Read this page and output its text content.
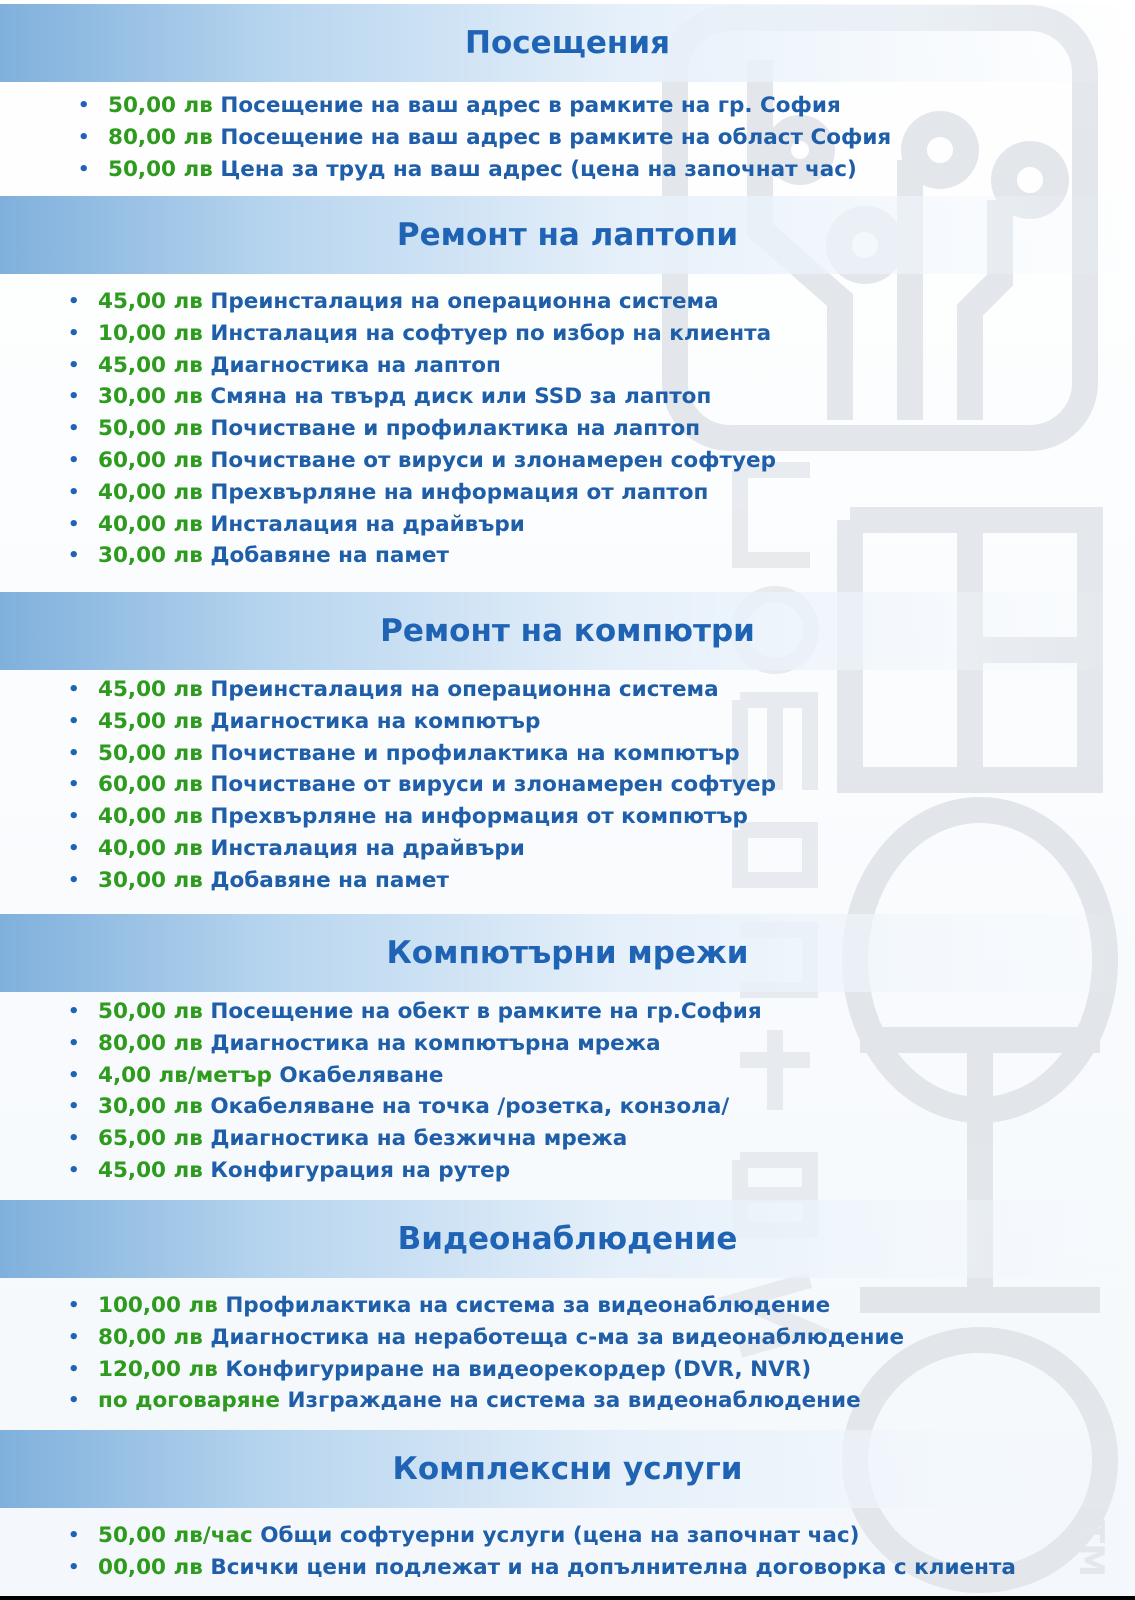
TM
Посещения
• 50,00 лв Посещение на ваш адрес в рамките на гр. София
• 80,00 лв Посещение на ваш адрес в рамките на област София
• 50,00 лв Цена за труд на ваш адрес (цена на започнат час)
Ремонт на лаптопи
• 45,00 лв Преинсталация на операционна система
• 10,00 лв Инсталация на софтуер по избор на клиента
• 45,00 лв Диагностика на лаптоп
• 30,00 лв Смяна на твърд диск или SSD за лаптоп
• 50,00 лв Почистване и профилактика на лаптоп
• 60,00 лв Почистване от вируси и злонамерен софтуер
• 40,00 лв Прехвърляне на информация от лаптоп
• 40,00 лв Инсталация на драйвъри
• 30,00 лв Добавяне на памет
Ремонт на компютри
• 45,00 лв Преинсталация на операционна система
• 45,00 лв Диагностика на компютър
• 50,00 лв Почистване и профилактика на компютър
• 60,00 лв Почистване от вируси и злонамерен софтуер
• 40,00 лв Прехвърляне на информация от компютър
• 40,00 лв Инсталация на драйвъри
• 30,00 лв Добавяне на памет
Компютърни мрежи
• 50,00 лв Посещение на обект в рамките на гр.София
• 80,00 лв Диагностика на компютърна мрежа
• 4,00 лв/метър Окабеляване
• 30,00 лв Окабеляване на точка /розетка, конзола/
• 65,00 лв Диагностика на безжична мрежа
• 45,00 лв Конфигурация на рутер
Видеонаблюдение
• 100,00 лв Профилактика на система за видеонаблюдение
• 80,00 лв Диагностика на неработеща с-ма за видеонаблюдение
• 120,00 лв Конфигуриране на видеорекордер (DVR, NVR)
• по договаряне Изграждане на система за видеонаблюдение
Комплексни услуги
• 50,00 лв/час Общи софтуерни услуги (цена на започнат час)
• 00,00 лв Всички цени подлежат и на допълнителна договорка с клиента
